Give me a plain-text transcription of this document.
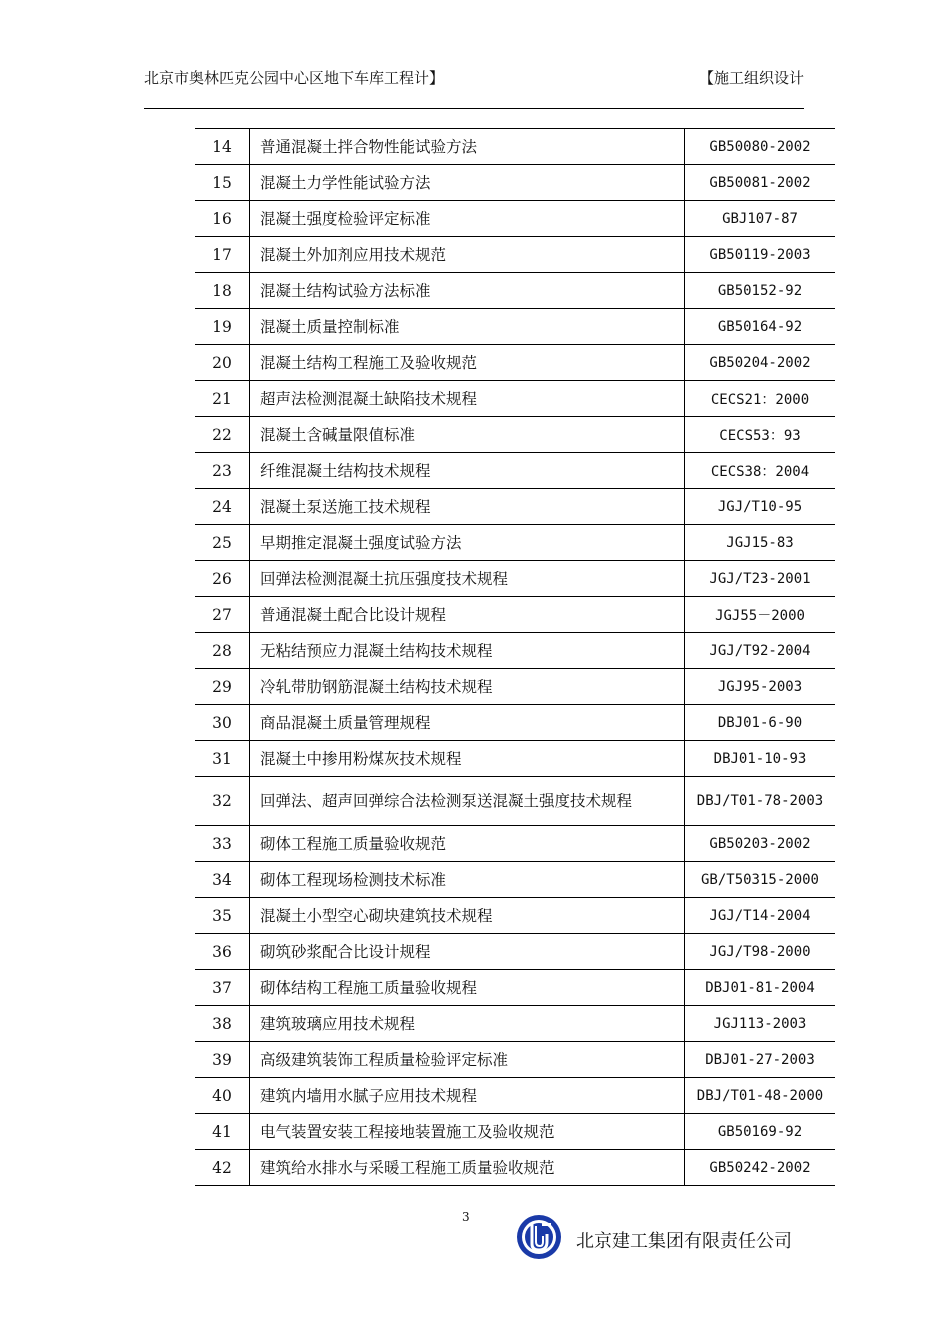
北京市奥林匹克公园中心区地下车库工程计】	【施工组织设计
14	普通混凝土拌合物性能试验方法	GB50080-2002
15	混凝土力学性能试验方法	GB50081-2002
16	混凝土强度检验评定标准	GBJ107-87
17	混凝土外加剂应用技术规范	GB50119-2003
18	混凝土结构试验方法标准	GB50152-92
19	混凝土质量控制标准	GB50164-92
20	混凝土结构工程施工及验收规范	GB50204-2002
21	超声法检测混凝土缺陷技术规程	CECS21：2000
22	混凝土含碱量限值标准	CECS53：93
23	纤维混凝土结构技术规程	CECS38：2004
24	混凝土泵送施工技术规程	JGJ/T10-95
25	早期推定混凝土强度试验方法	JGJ15-83
26	回弹法检测混凝土抗压强度技术规程	JGJ/T23-2001
27	普通混凝土配合比设计规程	JGJ55－2000
28	无粘结预应力混凝土结构技术规程	JGJ/T92-2004
29	冷轧带肋钢筋混凝土结构技术规程	JGJ95-2003
30	商品混凝土质量管理规程	DBJ01-6-90
31	混凝土中掺用粉煤灰技术规程	DBJ01-10-93
32	回弹法、超声回弹综合法检测泵送混凝土强度技术规程	DBJ/T01-78-2003
33	砌体工程施工质量验收规范	GB50203-2002
34	砌体工程现场检测技术标准	GB/T50315-2000
35	混凝土小型空心砌块建筑技术规程	JGJ/T14-2004
36	砌筑砂浆配合比设计规程	JGJ/T98-2000
37	砌体结构工程施工质量验收规程	DBJ01-81-2004
38	建筑玻璃应用技术规程	JGJ113-2003
39	高级建筑装饰工程质量检验评定标准	DBJ01-27-2003
40	建筑内墙用水腻子应用技术规程	DBJ/T01-48-2000
41	电气装置安装工程接地装置施工及验收规范	GB50169-92
42	建筑给水排水与采暖工程施工质量验收规范	GB50242-2002
3
北京建工集团有限责任公司
